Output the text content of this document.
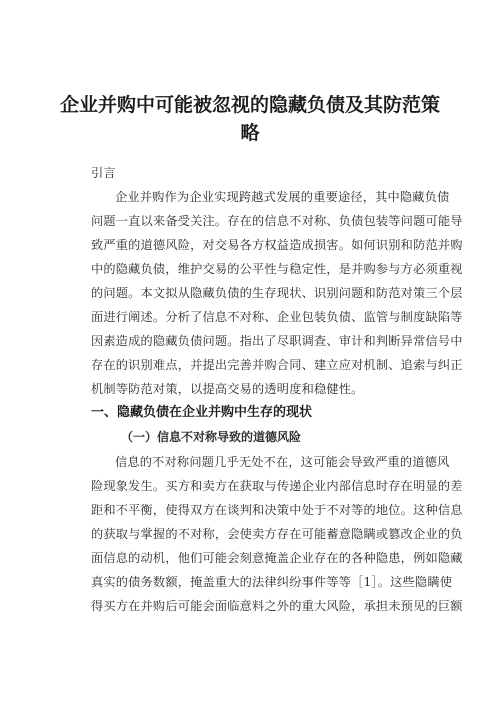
企业并购中可能被忽视的隐藏负债及其防范策
略

引言

企业并购作为企业实现跨越式发展的重要途径，其中隐藏负债

问题一直以来备受关注。存在的信息不对称、负债包装等问题可能导

致严重的道德风险，对交易各方权益造成损害。如何识别和防范并购

中的隐藏负债，维护交易的公平性与稳定性，是并购参与方必须重视

的问题。本文拟从隐藏负债的生存现状、识别问题和防范对策三个层

面进行阐述。分析了信息不对称、企业包装负债、监管与制度缺陷等

因素造成的隐藏负债问题。指出了尽职调查、审计和判断异常信号中

存在的识别难点，并提出完善并购合同、建立应对机制、追索与纠正

机制等防范对策，以提高交易的透明度和稳健性。

一、隐藏负债在企业并购中生存的现状
（一）信息不对称导致的道德风险

信息的不对称问题几乎无处不在，这可能会导致严重的道德风

险现象发生。买方和卖方在获取与传递企业内部信息时存在明显的差

距和不平衡，使得双方在谈判和决策中处于不对等的地位。这种信息

的获取与掌握的不对称，会使卖方存在可能蓄意隐瞒或篡改企业的负

面信息的动机，他们可能会刻意掩盖企业存在的各种隐患，例如隐藏

真实的债务数额，掩盖重大的法律纠纷事件等等［1］。这些隐瞒使

得买方在并购后可能会面临意料之外的重大风险，承担未预见的巨额
